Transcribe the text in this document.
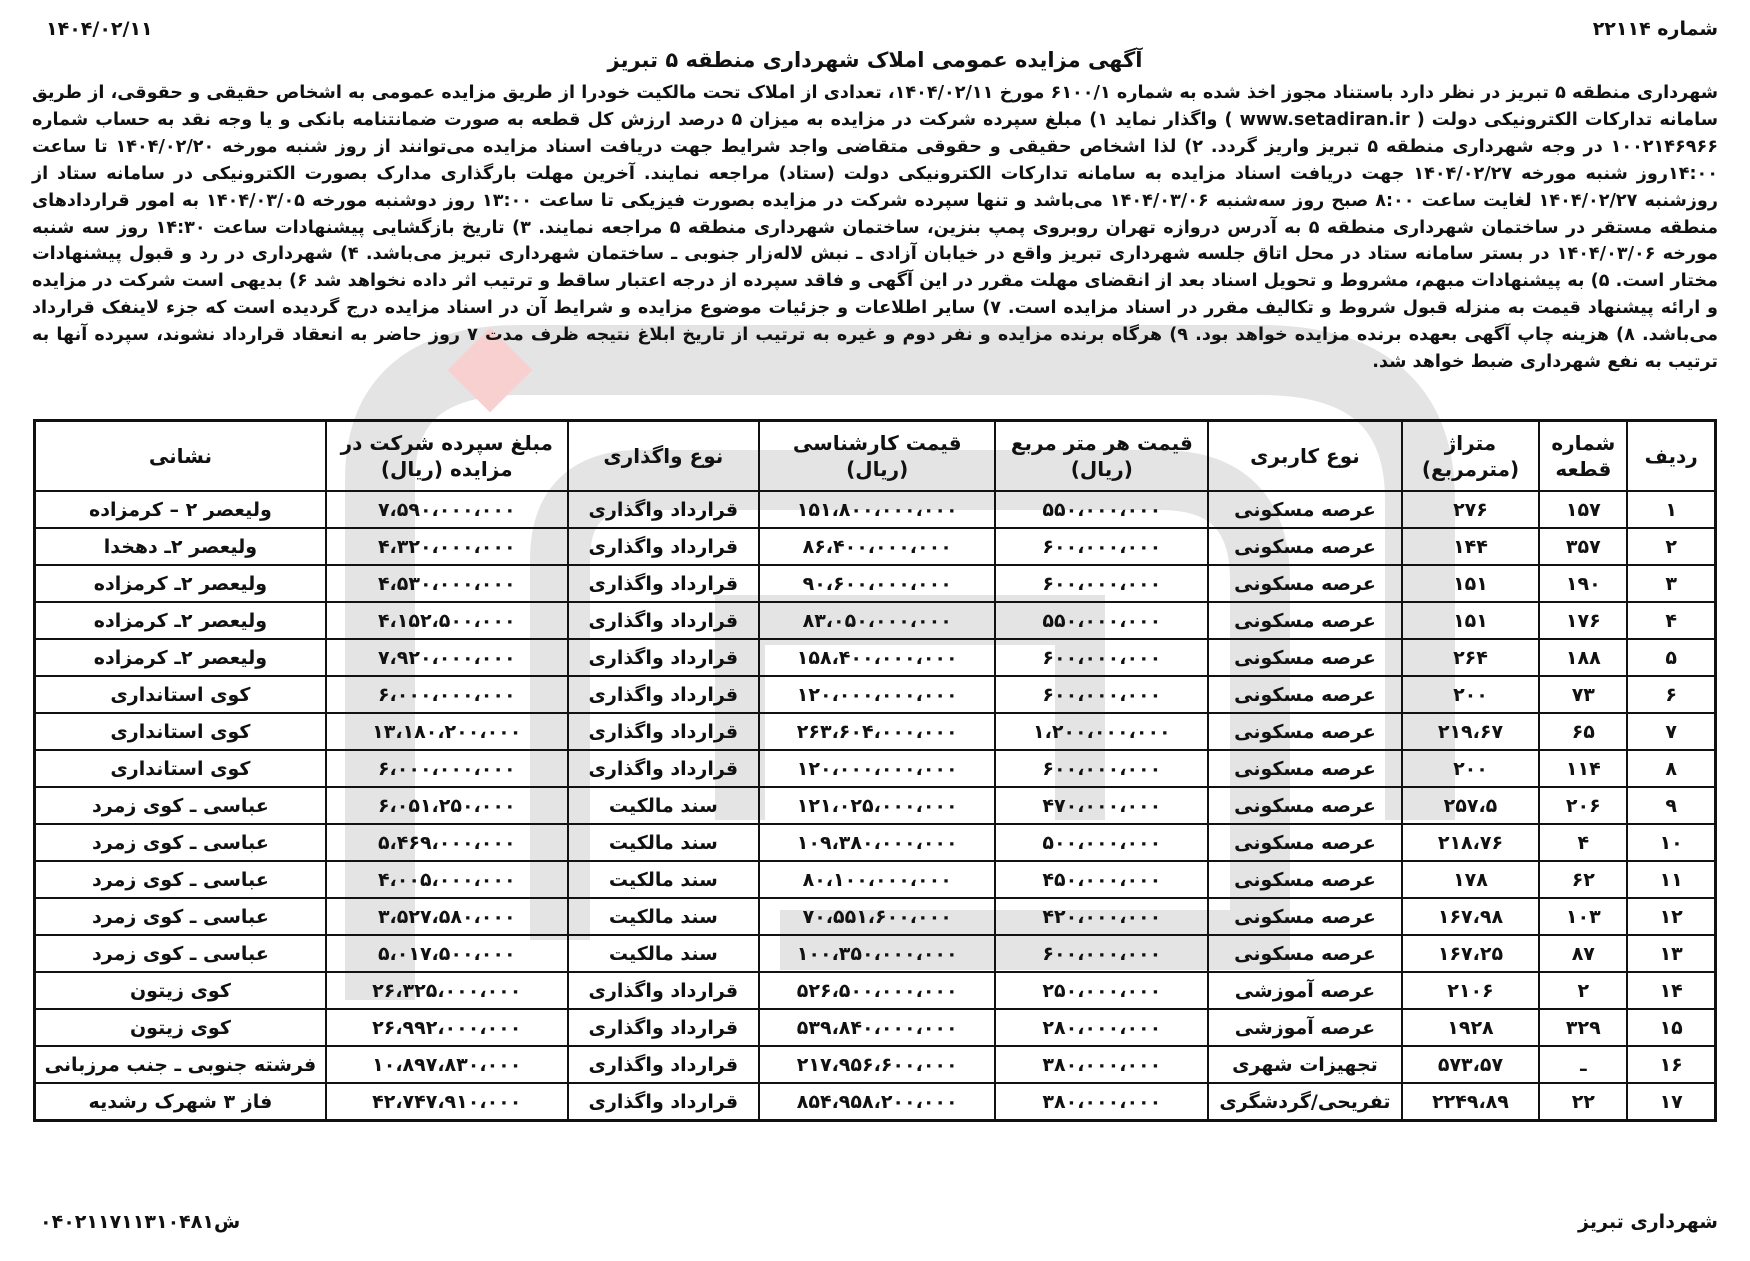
شماره ۲۲۱۱۴
۱۴۰۴/۰۲/۱۱
آگهی مزایده عمومی املاک شهرداری منطقه ۵ تبریز
شهرداری منطقه ۵ تبریز در نظر دارد باستناد مجوز اخذ شده به شماره ۶۱۰۰/۱ مورخ ۱۴۰۴/۰۲/۱۱، تعدادی از املاک تحت مالکیت خودرا از طریق مزایده عمومی به اشخاص حقیقی و حقوقی، از طریق سامانه تدارکات الکترونیکی دولت ( www.setadiran.ir ) واگذار نماید ۱) مبلغ سپرده شرکت در مزایده به میزان ۵ درصد ارزش کل قطعه به صورت ضمانتنامه بانکی و یا وجه نقد به حساب شماره ۱۰۰۲۱۴۶۹۶۶ در وجه شهرداری منطقه ۵ تبریز واریز گردد. ۲) لذا اشخاص حقیقی و حقوقی متقاضی واجد شرایط جهت دریافت اسناد مزایده می‌توانند از روز شنبه مورخه ۱۴۰۴/۰۲/۲۰ تا ساعت ۱۴:۰۰روز شنبه مورخه ۱۴۰۴/۰۲/۲۷ جهت دریافت اسناد مزایده به سامانه تدارکات الکترونیکی دولت (ستاد) مراجعه نمایند. آخرین مهلت بارگذاری مدارک بصورت الکترونیکی در سامانه ستاد از روزشنبه ۱۴۰۴/۰۲/۲۷ لغایت ساعت ۸:۰۰ صبح روز سه‌شنبه ۱۴۰۴/۰۳/۰۶ می‌باشد و تنها سپرده شرکت در مزایده بصورت فیزیکی تا ساعت ۱۳:۰۰ روز دوشنبه مورخه ۱۴۰۴/۰۳/۰۵ به امور قراردادهای منطقه مستقر در ساختمان شهرداری منطقه ۵ به آدرس دروازه تهران روبروی پمپ بنزین، ساختمان شهرداری منطقه ۵ مراجعه نمایند. ۳) تاریخ بازگشایی پیشنهادات ساعت ۱۴:۳۰ روز سه شنبه مورخه ۱۴۰۴/۰۳/۰۶ در بستر سامانه ستاد در محل اتاق جلسه شهرداری تبریز واقع در خیابان آزادی ـ نبش لاله‌زار جنوبی ـ ساختمان شهرداری تبریز می‌باشد. ۴) شهرداری در رد و قبول پیشنهادات مختار است. ۵) به پیشنهادات مبهم، مشروط و تحویل اسناد بعد از انقضای مهلت مقرر در این آگهی و فاقد سپرده از درجه اعتبار ساقط و ترتیب اثر داده نخواهد شد ۶) بدیهی است شرکت در مزایده و ارائه پیشنهاد قیمت به منزله قبول شروط و تکالیف مقرر در اسناد مزایده است. ۷) سایر اطلاعات و جزئیات موضوع مزایده و شرایط آن در اسناد مزایده درج گردیده است که جزء لاینفک قرارداد می‌باشد. ۸) هزینه چاپ آگهی بعهده برنده مزایده خواهد بود. ۹) هرگاه برنده مزایده و نفر دوم و غیره به ترتیب از تاریخ ابلاغ نتیجه ظرف مدت ۷ روز حاضر به انعقاد قرارداد نشوند، سپرده آنها به ترتیب به نفع شهرداری ضبط خواهد شد.
ردیف	شماره قطعه	متراژ (مترمربع)	نوع کاربری	قیمت هر متر مربع (ریال)	قیمت کارشناسی (ریال)	نوع واگذاری	مبلغ سپرده شرکت در مزایده (ریال)	نشانی
۱	۱۵۷	۲۷۶	عرصه مسکونی	۵۵۰،۰۰۰،۰۰۰	۱۵۱،۸۰۰،۰۰۰،۰۰۰	قرارداد واگذاری	۷،۵۹۰،۰۰۰،۰۰۰	ولیعصر ۲ – کرمزاده
۲	۳۵۷	۱۴۴	عرصه مسکونی	۶۰۰،۰۰۰،۰۰۰	۸۶،۴۰۰،۰۰۰،۰۰۰	قرارداد واگذاری	۴،۳۲۰،۰۰۰،۰۰۰	ولیعصر ۲ـ دهخدا
۳	۱۹۰	۱۵۱	عرصه مسکونی	۶۰۰،۰۰۰،۰۰۰	۹۰،۶۰۰،۰۰۰،۰۰۰	قرارداد واگذاری	۴،۵۳۰،۰۰۰،۰۰۰	ولیعصر ۲ـ کرمزاده
۴	۱۷۶	۱۵۱	عرصه مسکونی	۵۵۰،۰۰۰،۰۰۰	۸۳،۰۵۰،۰۰۰،۰۰۰	قرارداد واگذاری	۴،۱۵۲،۵۰۰،۰۰۰	ولیعصر ۲ـ کرمزاده
۵	۱۸۸	۲۶۴	عرصه مسکونی	۶۰۰،۰۰۰،۰۰۰	۱۵۸،۴۰۰،۰۰۰،۰۰۰	قرارداد واگذاری	۷،۹۲۰،۰۰۰،۰۰۰	ولیعصر ۲ـ کرمزاده
۶	۷۳	۲۰۰	عرصه مسکونی	۶۰۰،۰۰۰،۰۰۰	۱۲۰،۰۰۰،۰۰۰،۰۰۰	قرارداد واگذاری	۶،۰۰۰،۰۰۰،۰۰۰	کوی استانداری
۷	۶۵	۲۱۹،۶۷	عرصه مسکونی	۱،۲۰۰،۰۰۰،۰۰۰	۲۶۳،۶۰۴،۰۰۰،۰۰۰	قرارداد واگذاری	۱۳،۱۸۰،۲۰۰،۰۰۰	کوی استانداری
۸	۱۱۴	۲۰۰	عرصه مسکونی	۶۰۰،۰۰۰،۰۰۰	۱۲۰،۰۰۰،۰۰۰،۰۰۰	قرارداد واگذاری	۶،۰۰۰،۰۰۰،۰۰۰	کوی استانداری
۹	۲۰۶	۲۵۷،۵	عرصه مسکونی	۴۷۰،۰۰۰،۰۰۰	۱۲۱،۰۲۵،۰۰۰،۰۰۰	سند مالکیت	۶،۰۵۱،۲۵۰،۰۰۰	عباسی ـ کوی زمرد
۱۰	۴	۲۱۸،۷۶	عرصه مسکونی	۵۰۰،۰۰۰،۰۰۰	۱۰۹،۳۸۰،۰۰۰،۰۰۰	سند مالکیت	۵،۴۶۹،۰۰۰،۰۰۰	عباسی ـ کوی زمرد
۱۱	۶۲	۱۷۸	عرصه مسکونی	۴۵۰،۰۰۰،۰۰۰	۸۰،۱۰۰،۰۰۰،۰۰۰	سند مالکیت	۴،۰۰۵،۰۰۰،۰۰۰	عباسی ـ کوی زمرد
۱۲	۱۰۳	۱۶۷،۹۸	عرصه مسکونی	۴۲۰،۰۰۰،۰۰۰	۷۰،۵۵۱،۶۰۰،۰۰۰	سند مالکیت	۳،۵۲۷،۵۸۰،۰۰۰	عباسی ـ کوی زمرد
۱۳	۸۷	۱۶۷،۲۵	عرصه مسکونی	۶۰۰،۰۰۰،۰۰۰	۱۰۰،۳۵۰،۰۰۰،۰۰۰	سند مالکیت	۵،۰۱۷،۵۰۰،۰۰۰	عباسی ـ کوی زمرد
۱۴	۲	۲۱۰۶	عرصه آموزشی	۲۵۰،۰۰۰،۰۰۰	۵۲۶،۵۰۰،۰۰۰،۰۰۰	قرارداد واگذاری	۲۶،۳۲۵،۰۰۰،۰۰۰	کوی زیتون
۱۵	۳۲۹	۱۹۲۸	عرصه آموزشی	۲۸۰،۰۰۰،۰۰۰	۵۳۹،۸۴۰،۰۰۰،۰۰۰	قرارداد واگذاری	۲۶،۹۹۲،۰۰۰،۰۰۰	کوی زیتون
۱۶	ـ	۵۷۳،۵۷	تجهیزات شهری	۳۸۰،۰۰۰،۰۰۰	۲۱۷،۹۵۶،۶۰۰،۰۰۰	قرارداد واگذاری	۱۰،۸۹۷،۸۳۰،۰۰۰	فرشته جنوبی ـ جنب مرزبانی
۱۷	۲۲	۲۲۴۹،۸۹	تفریحی/گردشگری	۳۸۰،۰۰۰،۰۰۰	۸۵۴،۹۵۸،۲۰۰،۰۰۰	قرارداد واگذاری	۴۲،۷۴۷،۹۱۰،۰۰۰	فاز ۳ شهرک رشدیه
شهرداری تبریز
ش۰۴۰۲۱۱۷۱۱۳۱۰۴۸۱
